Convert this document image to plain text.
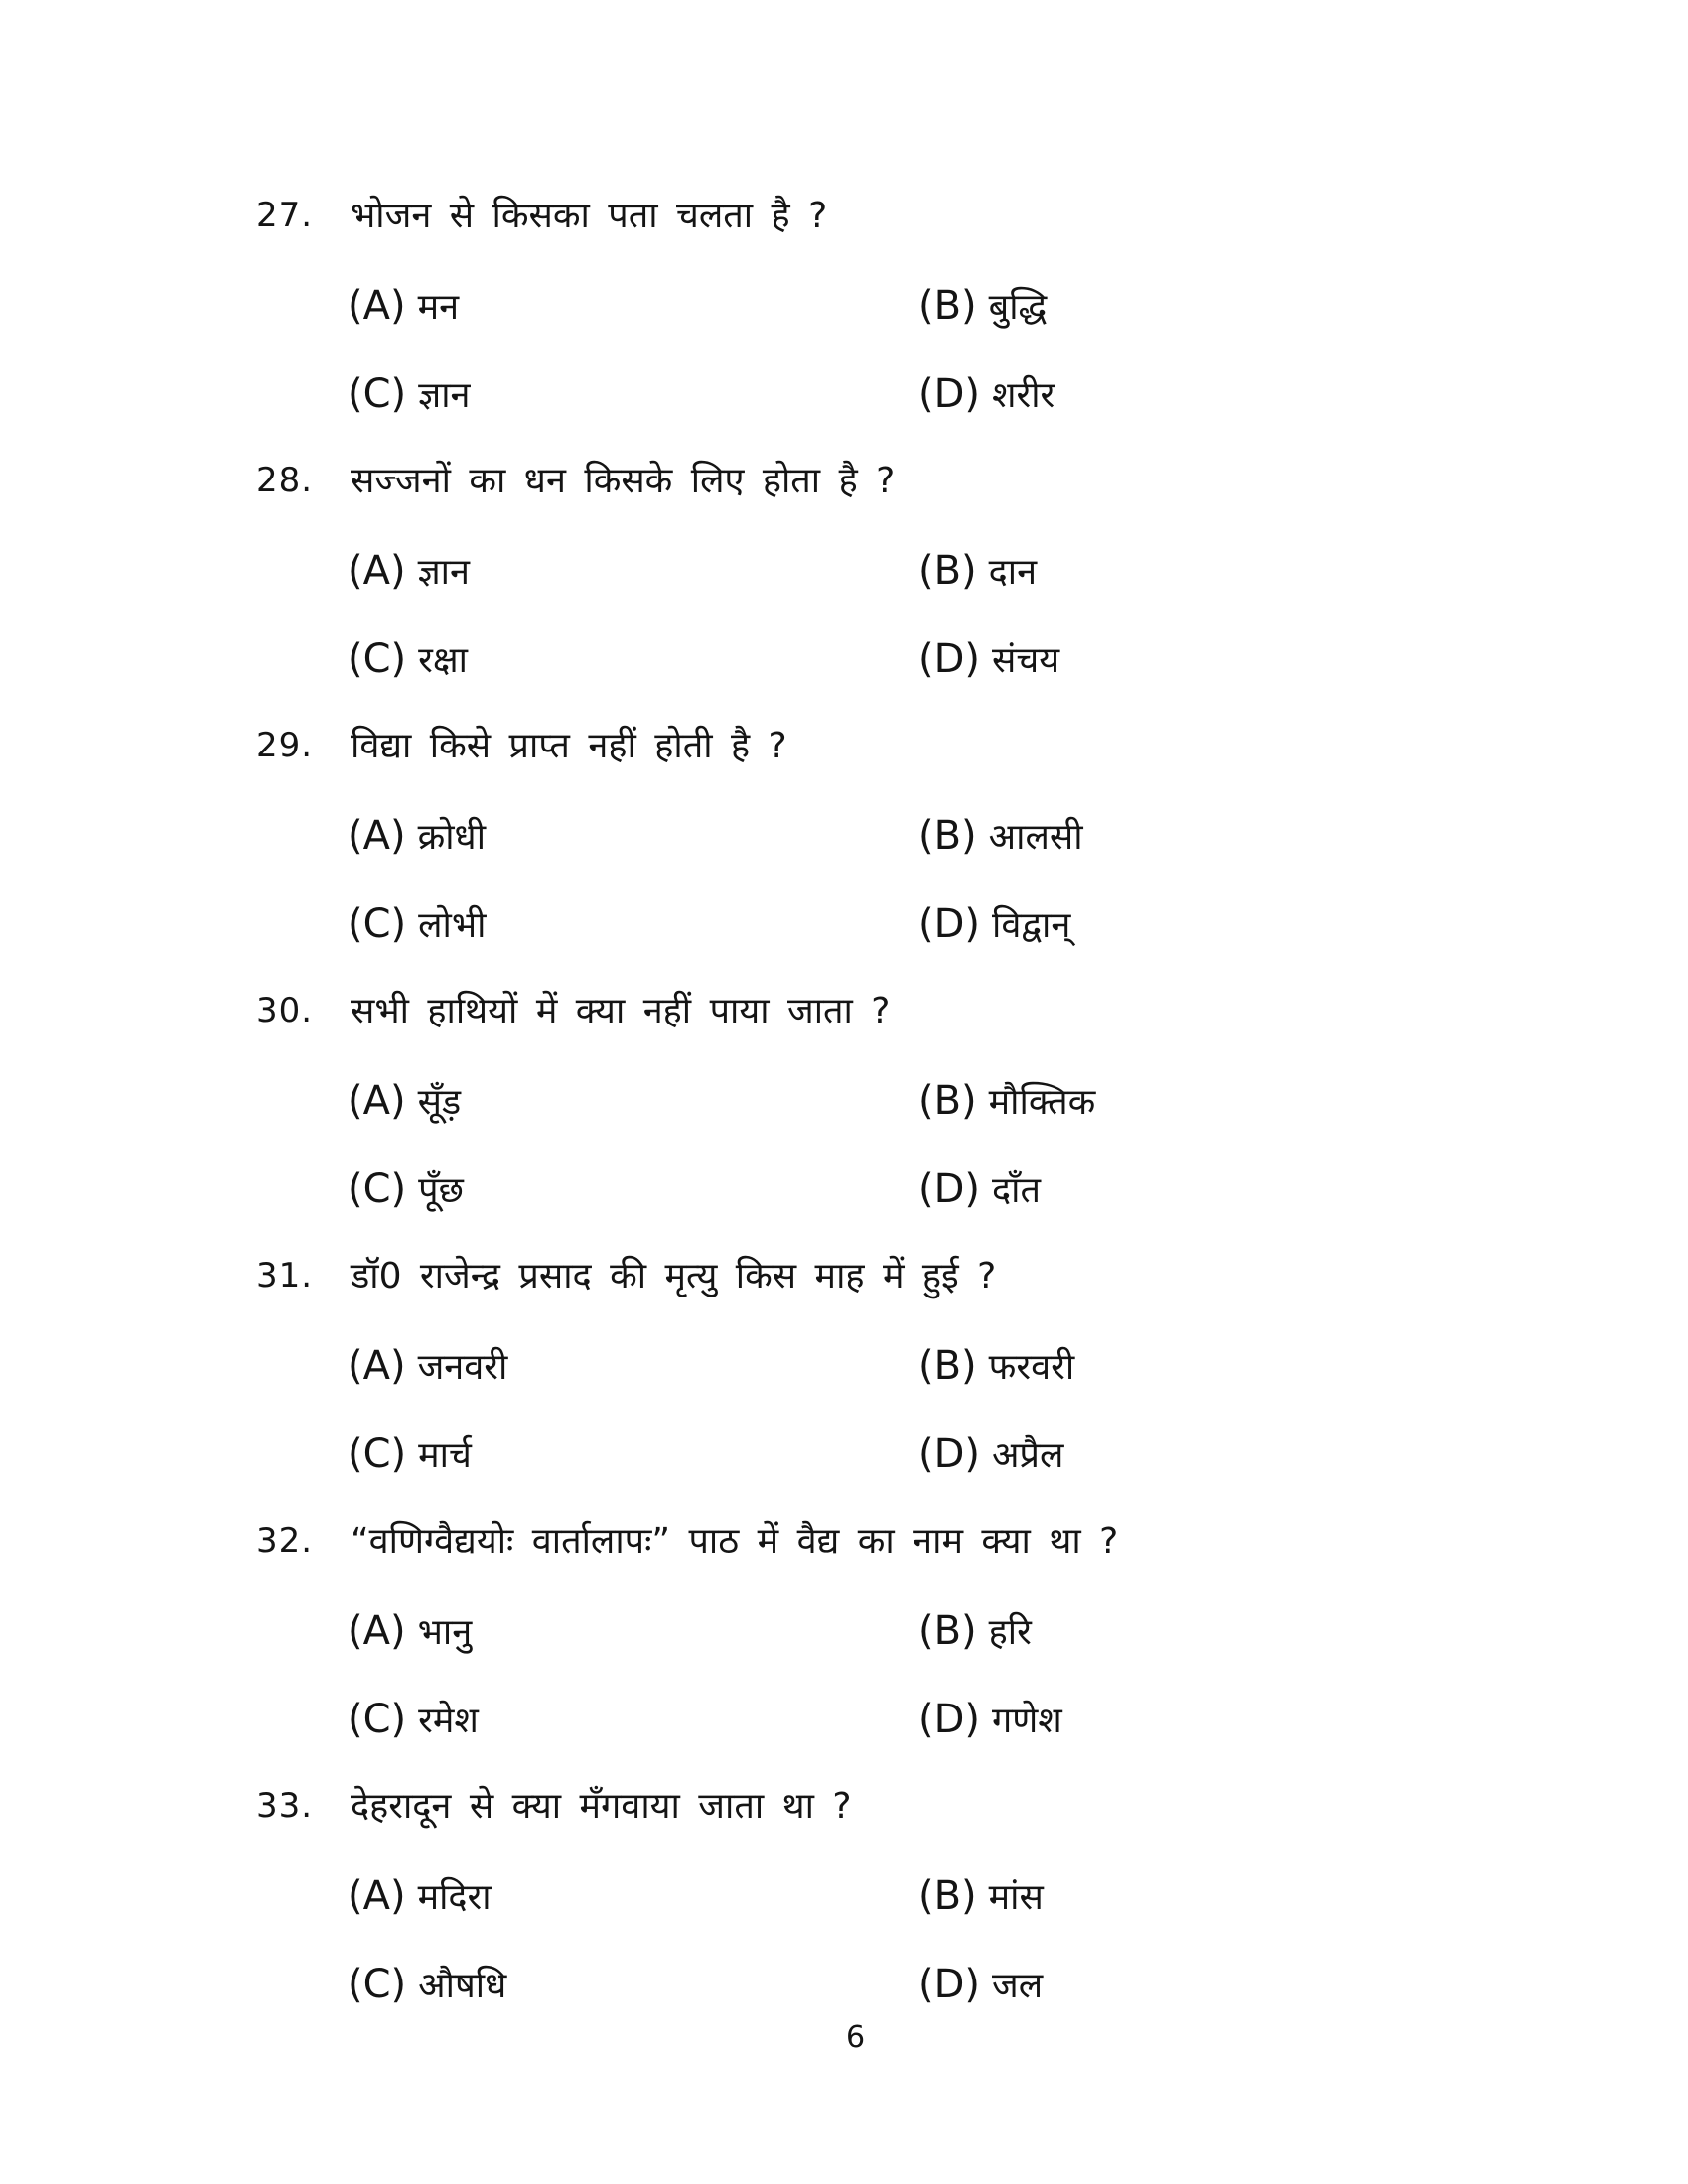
27.	भोजन से किसका पता चलता है ?
(A) मन	(B) बुद्धि
(C) ज्ञान	(D) शरीर
28.	सज्जनों का धन किसके लिए होता है ?
(A) ज्ञान	(B) दान
(C) रक्षा	(D) संचय
29.	विद्या किसे प्राप्त नहीं होती है ?
(A) क्रोधी	(B) आलसी
(C) लोभी	(D) विद्वान्
30.	सभी हाथियों में क्या नहीं पाया जाता ?
(A) सूँड़	(B) मौक्तिक
(C) पूँछ	(D) दाँत
31.	डॉ0 राजेन्द्र प्रसाद की मृत्यु किस माह में हुई ?
(A) जनवरी	(B) फरवरी
(C) मार्च	(D) अप्रैल
32.	“वणिग्वैद्ययोः वार्तालापः” पाठ में वैद्य का नाम क्या था ?
(A) भानु	(B) हरि
(C) रमेश	(D) गणेश
33.	देहरादून से क्या मँगवाया जाता था ?
(A) मदिरा	(B) मांस
(C) औषधि	(D) जल
6
